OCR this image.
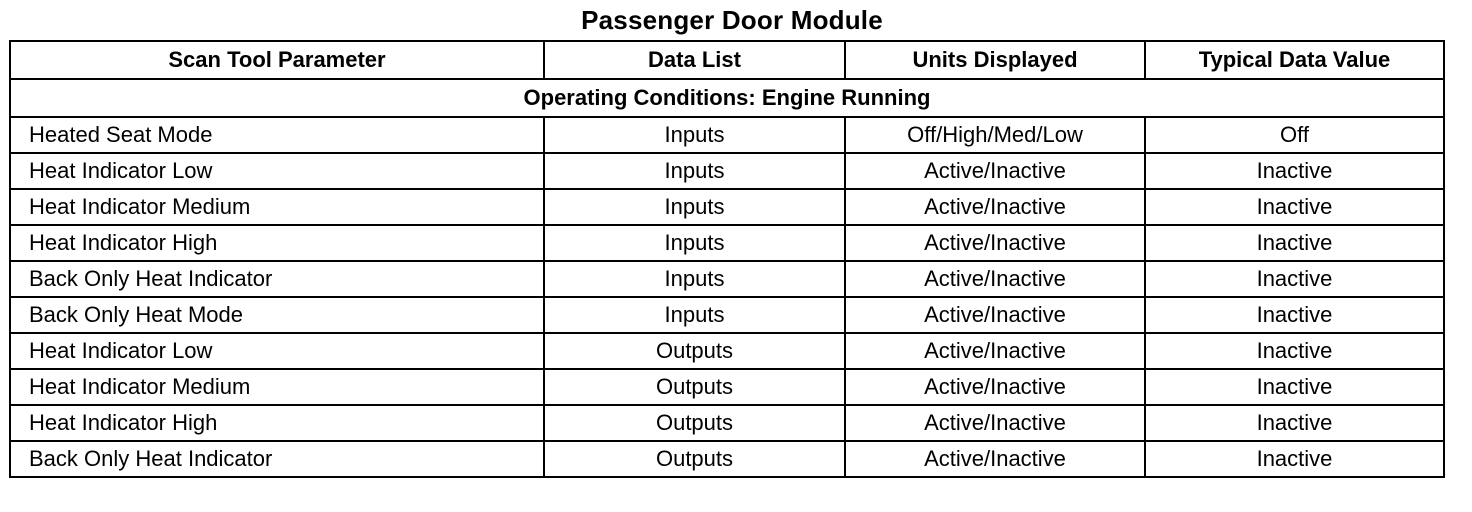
Passenger Door Module
Scan Tool Parameter	Data List	Units Displayed	Typical Data Value
Operating Conditions: Engine Running			
Heated Seat Mode	Inputs	Off/High/Med/Low	Off
Heat Indicator Low	Inputs	Active/Inactive	Inactive
Heat Indicator Medium	Inputs	Active/Inactive	Inactive
Heat Indicator High	Inputs	Active/Inactive	Inactive
Back Only Heat Indicator	Inputs	Active/Inactive	Inactive
Back Only Heat Mode	Inputs	Active/Inactive	Inactive
Heat Indicator Low	Outputs	Active/Inactive	Inactive
Heat Indicator Medium	Outputs	Active/Inactive	Inactive
Heat Indicator High	Outputs	Active/Inactive	Inactive
Back Only Heat Indicator	Outputs	Active/Inactive	Inactive
